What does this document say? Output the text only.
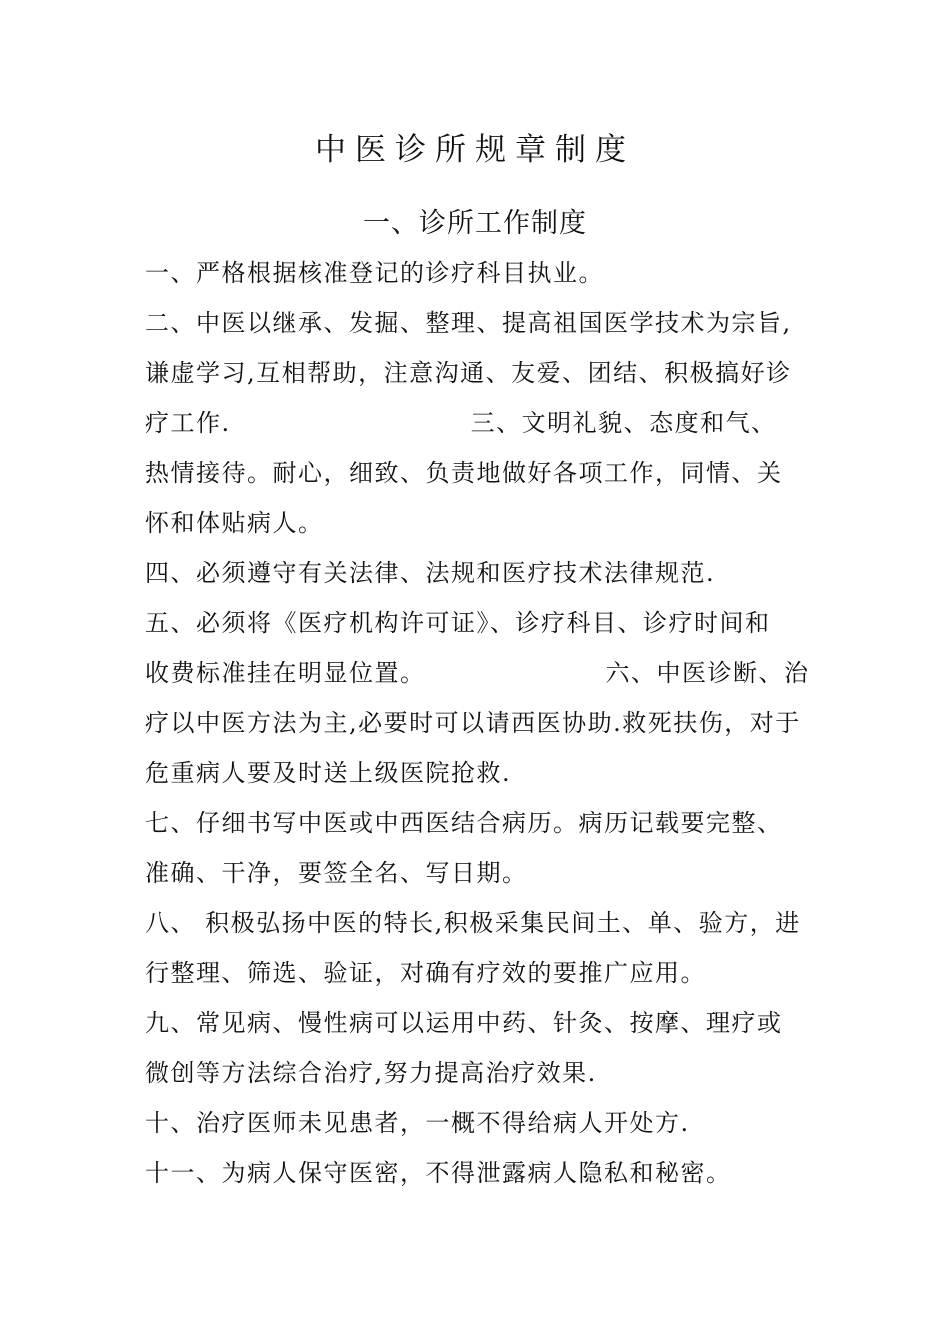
中医诊所规章制度
一、诊所工作制度
一、严格根据核准登记的诊疗科目执业。
二、中医以继承、发掘、整理、提高祖国医学技术为宗旨,
谦虚学习,互相帮助，注意沟通、友爱、团结、积极搞好诊
疗工作.	三、文明礼貌、态度和气、
热情接待。耐心，细致、负责地做好各项工作，同情、关
怀和体贴病人。
四、必须遵守有关法律、法规和医疗技术法律规范.
五、必须将《医疗机构许可证》、诊疗科目、诊疗时间和
收费标准挂在明显位置。	六、中医诊断、治
疗以中医方法为主,必要时可以请西医协助.救死扶伤，对于
危重病人要及时送上级医院抢救.
七、仔细书写中医或中西医结合病历。病历记载要完整、
准确、干净，要签全名、写日期。
八、 积极弘扬中医的特长,积极采集民间土、单、验方，进
行整理、筛选、验证，对确有疗效的要推广应用。
九、常见病、慢性病可以运用中药、针灸、按摩、理疗或
微创等方法综合治疗,努力提高治疗效果.
十、治疗医师未见患者，一概不得给病人开处方.
十一、为病人保守医密，不得泄露病人隐私和秘密。
